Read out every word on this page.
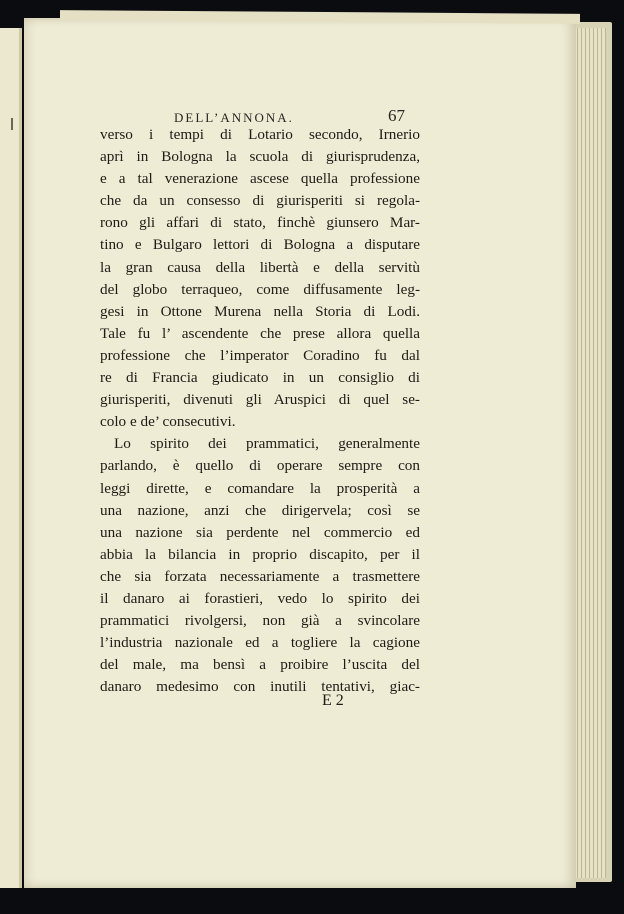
DELL’ANNONA.	67
verso i tempi di Lotario secondo, Irnerio
aprì in Bologna la scuola di giurisprudenza,
e a tal venerazione ascese quella professione
che da un consesso di giurisperiti si regola-
rono gli affari di stato, finchè giunsero Mar-
tino e Bulgaro lettori di Bologna a disputare
la gran causa della libertà e della servitù
del globo terraqueo, come diffusamente leg-
gesi in Ottone Murena nella Storia di Lodi.
Tale fu l’ ascendente che prese allora quella
professione che l’imperator Coradino fu dal
re di Francia giudicato in un consiglio di
giurisperiti, divenuti gli Aruspici di quel se-
colo e de’ consecutivi.
Lo spirito dei prammatici, generalmente
parlando, è quello di operare sempre con
leggi dirette, e comandare la prosperità a
una nazione, anzi che dirigervela; così se
una nazione sia perdente nel commercio ed
abbia la bilancia in proprio discapito, per il
che sia forzata necessariamente a trasmettere
il danaro ai forastieri, vedo lo spirito dei
prammatici rivolgersi, non già a svincolare
l’industria nazionale ed a togliere la cagione
del male, ma bensì a proibire l’uscita del
danaro medesimo con inutili tentativi, giac-
E 2
